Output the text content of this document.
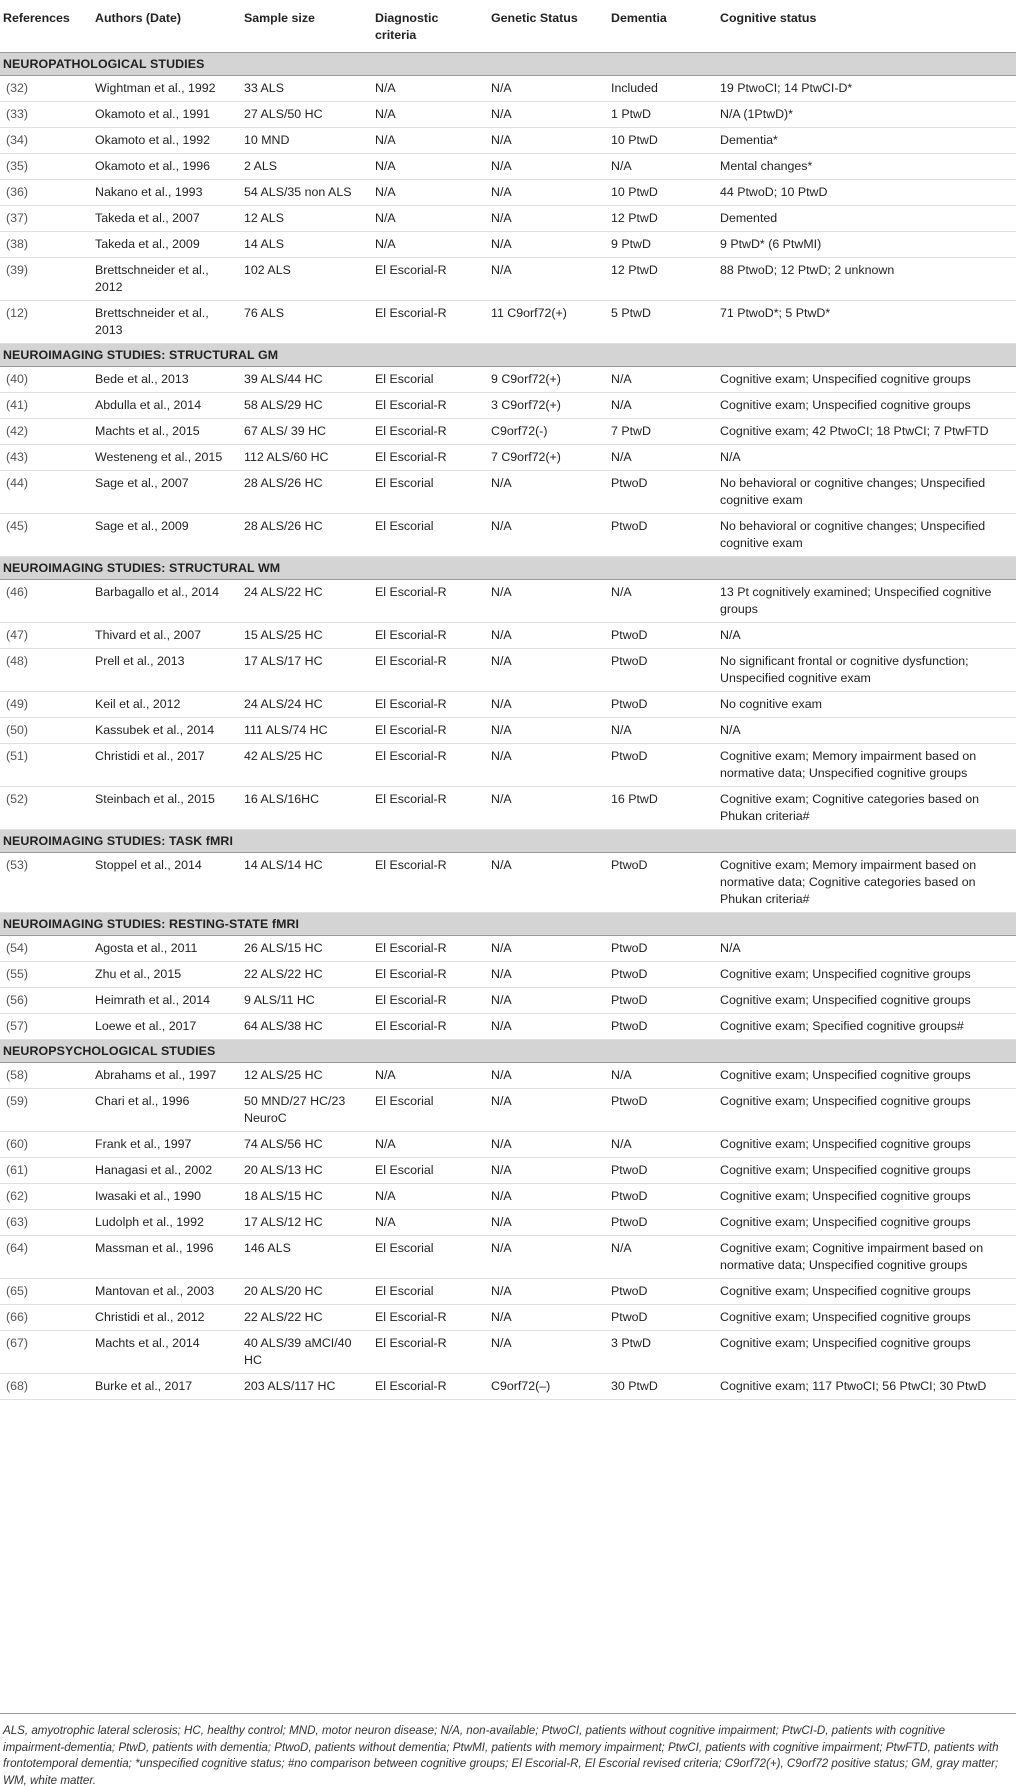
References	Authors (Date)	Sample size	Diagnostic criteria	Genetic Status	Dementia	Cognitive status
NEUROPATHOLOGICAL STUDIES						
(32)	Wightman et al., 1992	33 ALS	N/A	N/A	Included	19 PtwoCI; 14 PtwCI-D*
(33)	Okamoto et al., 1991	27 ALS/50 HC	N/A	N/A	1 PtwD	N/A (1PtwD)*
(34)	Okamoto et al., 1992	10 MND	N/A	N/A	10 PtwD	Dementia*
(35)	Okamoto et al., 1996	2 ALS	N/A	N/A	N/A	Mental changes*
(36)	Nakano et al., 1993	54 ALS/35 non ALS	N/A	N/A	10 PtwD	44 PtwoD; 10 PtwD
(37)	Takeda et al., 2007	12 ALS	N/A	N/A	12 PtwD	Demented
(38)	Takeda et al., 2009	14 ALS	N/A	N/A	9 PtwD	9 PtwD* (6 PtwMI)
(39)	Brettschneider et al., 2012	102 ALS	El Escorial-R	N/A	12 PtwD	88 PtwoD; 12 PtwD; 2 unknown
(12)	Brettschneider et al., 2013	76 ALS	El Escorial-R	11 C9orf72(+)	5 PtwD	71 PtwoD*; 5 PtwD*
NEUROIMAGING STUDIES: STRUCTURAL GM						
(40)	Bede et al., 2013	39 ALS/44 HC	El Escorial	9 C9orf72(+)	N/A	Cognitive exam; Unspecified cognitive groups
(41)	Abdulla et al., 2014	58 ALS/29 HC	El Escorial-R	3 C9orf72(+)	N/A	Cognitive exam; Unspecified cognitive groups
(42)	Machts et al., 2015	67 ALS/ 39 HC	El Escorial-R	C9orf72(-)	7 PtwD	Cognitive exam; 42 PtwoCI; 18 PtwCI; 7 PtwFTD
(43)	Westeneng et al., 2015	112 ALS/60 HC	El Escorial-R	7 C9orf72(+)	N/A	N/A
(44)	Sage et al., 2007	28 ALS/26 HC	El Escorial	N/A	PtwoD	No behavioral or cognitive changes; Unspecified cognitive exam
(45)	Sage et al., 2009	28 ALS/26 HC	El Escorial	N/A	PtwoD	No behavioral or cognitive changes; Unspecified cognitive exam
NEUROIMAGING STUDIES: STRUCTURAL WM						
(46)	Barbagallo et al., 2014	24 ALS/22 HC	El Escorial-R	N/A	N/A	13 Pt cognitively examined; Unspecified cognitive groups
(47)	Thivard et al., 2007	15 ALS/25 HC	El Escorial-R	N/A	PtwoD	N/A
(48)	Prell et al., 2013	17 ALS/17 HC	El Escorial-R	N/A	PtwoD	No significant frontal or cognitive dysfunction; Unspecified cognitive exam
(49)	Keil et al., 2012	24 ALS/24 HC	El Escorial-R	N/A	PtwoD	No cognitive exam
(50)	Kassubek et al., 2014	111 ALS/74 HC	El Escorial-R	N/A	N/A	N/A
(51)	Christidi et al., 2017	42 ALS/25 HC	El Escorial-R	N/A	PtwoD	Cognitive exam; Memory impairment based on normative data; Unspecified cognitive groups
(52)	Steinbach et al., 2015	16 ALS/16HC	El Escorial-R	N/A	16 PtwD	Cognitive exam; Cognitive categories based on Phukan criteria#
NEUROIMAGING STUDIES: TASK fMRI						
(53)	Stoppel et al., 2014	14 ALS/14 HC	El Escorial-R	N/A	PtwoD	Cognitive exam; Memory impairment based on normative data; Cognitive categories based on Phukan criteria#
NEUROIMAGING STUDIES: RESTING-STATE fMRI						
(54)	Agosta et al., 2011	26 ALS/15 HC	El Escorial-R	N/A	PtwoD	N/A
(55)	Zhu et al., 2015	22 ALS/22 HC	El Escorial-R	N/A	PtwoD	Cognitive exam; Unspecified cognitive groups
(56)	Heimrath et al., 2014	9 ALS/11 HC	El Escorial-R	N/A	PtwoD	Cognitive exam; Unspecified cognitive groups
(57)	Loewe et al., 2017	64 ALS/38 HC	El Escorial-R	N/A	PtwoD	Cognitive exam; Specified cognitive groups#
NEUROPSYCHOLOGICAL STUDIES						
(58)	Abrahams et al., 1997	12 ALS/25 HC	N/A	N/A	N/A	Cognitive exam; Unspecified cognitive groups
(59)	Chari et al., 1996	50 MND/27 HC/23 NeuroC	El Escorial	N/A	PtwoD	Cognitive exam; Unspecified cognitive groups
(60)	Frank et al., 1997	74 ALS/56 HC	N/A	N/A	N/A	Cognitive exam; Unspecified cognitive groups
(61)	Hanagasi et al., 2002	20 ALS/13 HC	El Escorial	N/A	PtwoD	Cognitive exam; Unspecified cognitive groups
(62)	Iwasaki et al., 1990	18 ALS/15 HC	N/A	N/A	PtwoD	Cognitive exam; Unspecified cognitive groups
(63)	Ludolph et al., 1992	17 ALS/12 HC	N/A	N/A	PtwoD	Cognitive exam; Unspecified cognitive groups
(64)	Massman et al., 1996	146 ALS	El Escorial	N/A	N/A	Cognitive exam; Cognitive impairment based on normative data; Unspecified cognitive groups
(65)	Mantovan et al., 2003	20 ALS/20 HC	El Escorial	N/A	PtwoD	Cognitive exam; Unspecified cognitive groups
(66)	Christidi et al., 2012	22 ALS/22 HC	El Escorial-R	N/A	PtwoD	Cognitive exam; Unspecified cognitive groups
(67)	Machts et al., 2014	40 ALS/39 aMCI/40 HC	El Escorial-R	N/A	3 PtwD	Cognitive exam; Unspecified cognitive groups
(68)	Burke et al., 2017	203 ALS/117 HC	El Escorial-R	C9orf72(–)	30 PtwD	Cognitive exam; 117 PtwoCI; 56 PtwCI; 30 PtwD
ALS, amyotrophic lateral sclerosis; HC, healthy control; MND, motor neuron disease; N/A, non-available; PtwoCI, patients without cognitive impairment; PtwCI-D, patients with cognitive impairment-dementia; PtwD, patients with dementia; PtwoD, patients without dementia; PtwMI, patients with memory impairment; PtwCI, patients with cognitive impairment; PtwFTD, patients with frontotemporal dementia; *unspecified cognitive status; #no comparison between cognitive groups; El Escorial-R, El Escorial revised criteria; C9orf72(+), C9orf72 positive status; GM, gray matter; WM, white matter.
